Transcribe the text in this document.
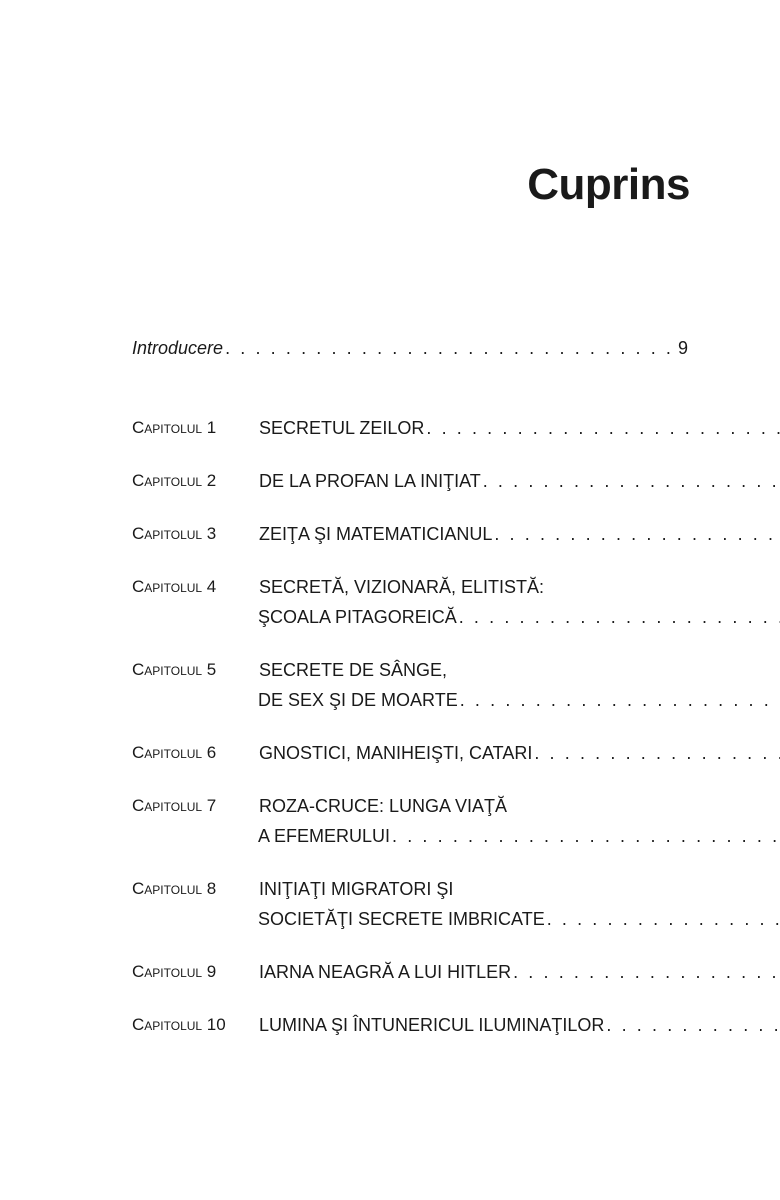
Cuprins
Introducere
. . .	9
Capitolul 1	SECRETUL ZEILOR
. . .
Capitolul 2	DE LA PROFAN LA INIŢIAT
. . .
Capitolul 3	ZEIŢA ŞI MATEMATICIANUL
. . .
Capitolul 4	SECRETĂ, VIZIONARĂ, ELITISTĂ:
ŞCOALA PITAGOREICĂ
. . .
Capitolul 5	SECRETE DE SÂNGE,
DE SEX ŞI DE MOARTE
. . .
Capitolul 6	GNOSTICI, MANIHEIŞTI, CATARI
. . .
Capitolul 7	ROZA-CRUCE: LUNGA VIAŢĂ
A EFEMERULUI
. . .
Capitolul 8	INIŢIAŢI MIGRATORI ŞI
SOCIETĂŢI SECRETE IMBRICATE
. . .
Capitolul 9	IARNA NEAGRĂ A LUI HITLER
. . .
Capitolul 10	LUMINA ŞI ÎNTUNERICUL ILUMINAŢILOR
. . .
